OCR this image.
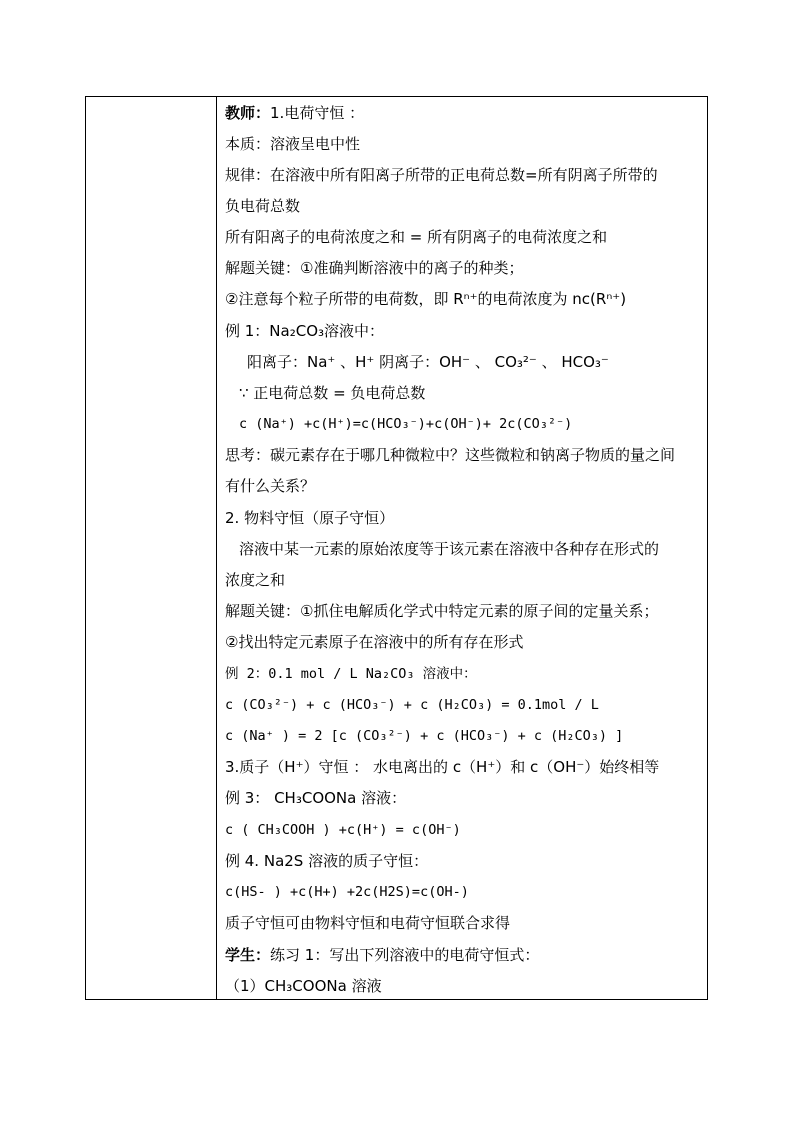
教师：1.电荷守恒 ：
本质：溶液呈电中性
规律：在溶液中所有阳离子所带的正电荷总数=所有阴离子所带的
负电荷总数
所有阳离子的电荷浓度之和 = 所有阴离子的电荷浓度之和
解题关键：①准确判断溶液中的离子的种类；
②注意每个粒子所带的电荷数，即 Rⁿ⁺的电荷浓度为 nc(Rⁿ⁺)
例 1：Na₂CO₃溶液中：
阳离子：Na⁺ 、H⁺ 阴离子：OH⁻ 、 CO₃²⁻ 、 HCO₃⁻
∵ 正电荷总数 = 负电荷总数
c (Na⁺) +c(H⁺)=c(HCO₃⁻)+c(OH⁻)+ 2c(CO₃²⁻)
思考：碳元素存在于哪几种微粒中？这些微粒和钠离子物质的量之间
有什么关系？
2. 物料守恒（原子守恒）
溶液中某一元素的原始浓度等于该元素在溶液中各种存在形式的
浓度之和
解题关键：①抓住电解质化学式中特定元素的原子间的定量关系；
②找出特定元素原子在溶液中的所有存在形式
例 2：0.1 mol / L Na₂CO₃ 溶液中：
c (CO₃²⁻) + c (HCO₃⁻) + c (H₂CO₃) = 0.1mol / L
c (Na⁺ ) = 2 [c (CO₃²⁻) + c (HCO₃⁻) + c (H₂CO₃) ]
3.质子（H⁺）守恒 ： 水电离出的 c（H⁺）和 c（OH⁻）始终相等
例 3： CH₃COONa 溶液：
c ( CH₃COOH ) +c(H⁺) = c(OH⁻)
例 4. Na2S 溶液的质子守恒：
c(HS- ) +c(H+) +2c(H2S)=c(OH-)
质子守恒可由物料守恒和电荷守恒联合求得
学生：练习 1：写出下列溶液中的电荷守恒式：
（1）CH₃COONa 溶液
